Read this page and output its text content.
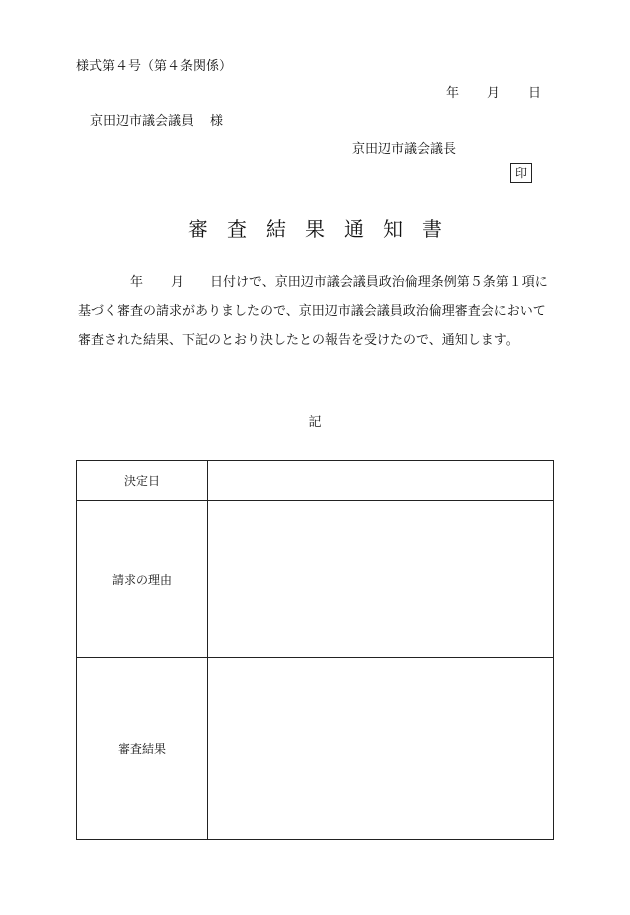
様式第４号（第４条関係）
年 月 日
京田辺市議会議員 様
京田辺市議会議長
印
審査結果通知書
年 月 日付けで、京田辺市議会議員政治倫理条例第５条第１項に基づく審査の請求がありましたので、京田辺市議会議員政治倫理審査会において審査された結果、下記のとおり決したとの報告を受けたので、通知します。
記
決定日	
請求の理由	
審査結果	
